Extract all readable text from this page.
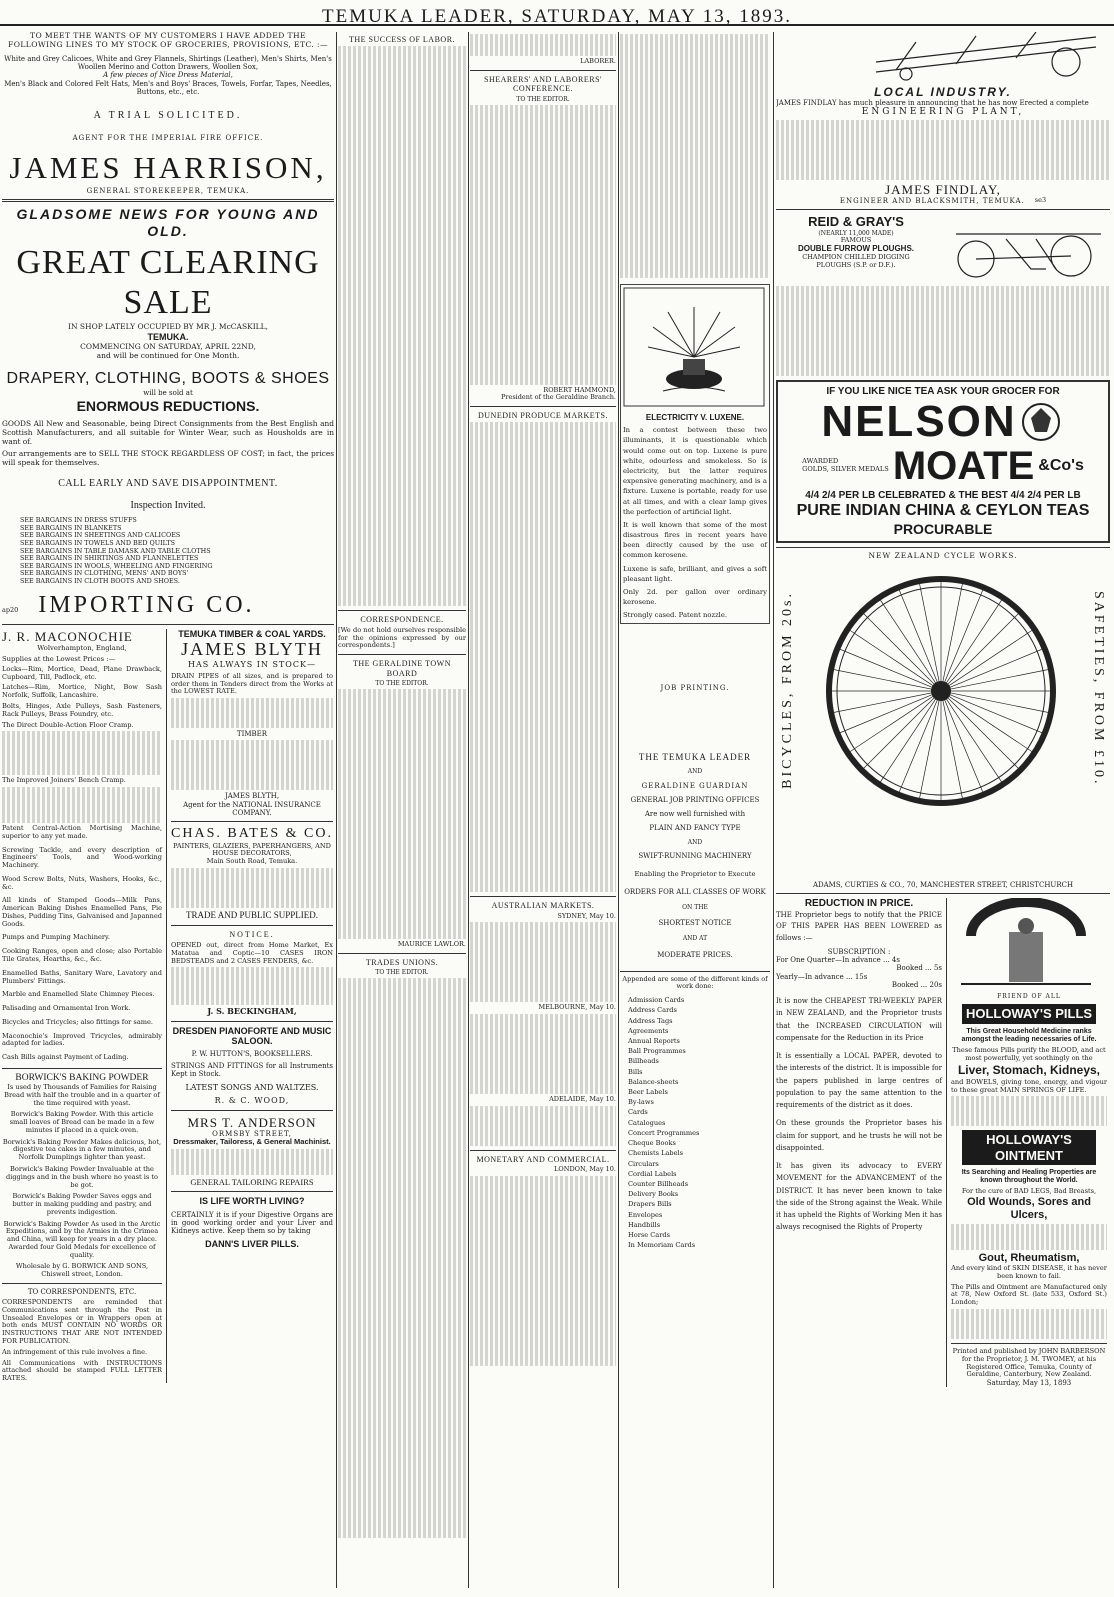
TEMUKA LEADER, SATURDAY, MAY 13, 1893.

TO MEET THE WANTS OF MY CUSTOMERS I HAVE ADDED THE FOLLOWING LINES TO MY STOCK OF GROCERIES, PROVISIONS, ETC. :—

White and Grey Calicoes, White and Grey Flannels, Shirtings (Leather), Men's Shirts, Men's Woollen Merino and Cotton Drawers, Woollen Sox,

A few pieces of Nice Dress Material,

Men's Black and Colored Felt Hats, Men's and Boys' Braces, Towels, Forfar, Tapes, Needles, Buttons, etc., etc.

A TRIAL SOLICITED.

AGENT FOR THE IMPERIAL FIRE OFFICE.

JAMES HARRISON,

GENERAL STOREKEEPER, TEMUKA.

GLADSOME NEWS FOR YOUNG AND OLD.

GREAT CLEARING SALE

IN SHOP LATELY OCCUPIED BY MR J. McCASKILL,

TEMUKA.

COMMENCING ON SATURDAY, APRIL 22ND,

and will be continued for One Month.

DRAPERY, CLOTHING, BOOTS & SHOES

will be sold at

ENORMOUS REDUCTIONS.

GOODS All New and Seasonable, being Direct Consignments from the Best English and Scottish Manufacturers, and all suitable for Winter Wear, such as Housholds are in want of.

Our arrangements are to SELL THE STOCK REGARDLESS OF COST; in fact, the prices will speak for themselves.

CALL EARLY AND SAVE DISAPPOINTMENT.

Inspection Invited.

SEE BARGAINS IN DRESS STUFFS
SEE BARGAINS IN BLANKETS
SEE BARGAINS IN SHEETINGS AND CALICOES
SEE BARGAINS IN TOWELS AND BED QUILTS
SEE BARGAINS IN TABLE DAMASK AND TABLE CLOTHS
SEE BARGAINS IN SHIRTINGS AND FLANNELETTES
SEE BARGAINS IN WOOLS, WHEELING AND FINGERING
SEE BARGAINS IN CLOTHING, MENS' AND BOYS'
SEE BARGAINS IN CLOTH BOOTS AND SHOES.
ap20 IMPORTING CO.

J. R. MACONOCHIE

Wolverhampton, England,

Supplies at the Lowest Prices :—

Locks—Rim, Mortice, Dead, Plane Drawback, Cupboard, Till, Padlock, etc.

Latches—Rim, Mortice, Night, Bow Sash Norfolk, Suffolk, Lancashire.

Bolts, Hinges, Axle Pulleys, Sash Fasteners, Rack Pulleys, Brass Foundry, etc.

The Direct Double-Action Floor Cramp.

The Improved Joiners' Bench Cramp.

Patent Central-Action Mortising Machine, superior to any yet made.

Screwing Tackle, and every description of Engineers' Tools, and Wood-working Machinery.

Wood Screw Bolts, Nuts, Washers, Hooks, &c., &c.

All kinds of Stamped Goods—Milk Pans, American Baking Dishes Enamelled Pans, Pie Dishes, Pudding Tins, Galvanised and Japanned Goods.

Pumps and Pumping Machinery.

Cooking Ranges, open and close; also Portable Tile Grates, Hearths, &c., &c.

Enamelled Baths, Sanitary Ware, Lavatory and Plumbers' Fittings.

Marble and Enamelled Slate Chimney Pieces.

Palisading and Ornamental Iron Work.

Bicycles and Tricycles; also fittings for same.

Maconochie's Improved Tricycles, admirably adapted for ladies.

Cash Bills against Payment of Lading.

BORWICK'S BAKING POWDER

Is used by Thousands of Families for Raising Bread with half the trouble and in a quarter of the time required with yeast.

Borwick's Baking Powder. With this article small loaves of Bread can be made in a few minutes if placed in a quick oven.

Borwick's Baking Powder Makes delicious, hot, digestive tea cakes in a few minutes, and Norfolk Dumplings lighter than yeast.

Borwick's Baking Powder Invaluable at the diggings and in the bush where no yeast is to be got.

Borwick's Baking Powder Saves eggs and butter in making pudding and pastry, and prevents indigestion.

Borwick's Baking Powder As used in the Arctic Expeditions, and by the Armies in the Crimea and China, will keep for years in a dry place. Awarded four Gold Medals for excellence of quality.

Wholesale by G. BORWICK AND SONS, Chiswell street, London.

TO CORRESPONDENTS, ETC.

CORRESPONDENTS are reminded that Communications sent through the Post in Unsealed Envelopes or in Wrappers open at both ends MUST CONTAIN NO WORDS OR INSTRUCTIONS THAT ARE NOT INTENDED FOR PUBLICATION.

An infringement of this rule involves a fine.

All Communications with INSTRUCTIONS attached should be stamped FULL LETTER RATES.

TEMUKA TIMBER & COAL YARDS.

JAMES BLYTH

HAS ALWAYS IN STOCK—

DRAIN PIPES of all sizes, and is prepared to order them in Tenders direct from the Works at the LOWEST RATE.

TIMBER

JAMES BLYTH,

Agent for the NATIONAL INSURANCE COMPANY.

CHAS. BATES & CO.

PAINTERS, GLAZIERS, PAPERHANGERS, AND HOUSE DECORATORS,

Main South Road, Temuka.

TRADE AND PUBLIC SUPPLIED.

NOTICE.

OPENED out, direct from Home Market, Ex Matatua and Coptic—10 CASES IRON BEDSTEADS and 2 CASES FENDERS, &c.

J. S. BECKINGHAM,

DRESDEN PIANOFORTE AND MUSIC SALOON.

P. W. HUTTON'S, BOOKSELLERS.

STRINGS AND FITTINGS for all Instruments Kept in Stock.

LATEST SONGS AND WALTZES.

R. & C. WOOD,

MRS T. ANDERSON

ORMSBY STREET,

Dressmaker, Tailoress, & General Machinist.

GENERAL TAILORING REPAIRS

IS LIFE WORTH LIVING?

CERTAINLY it is if your Digestive Organs are in good working order and your Liver and Kidneys active. Keep them so by taking

DANN'S LIVER PILLS.

THE SUCCESS OF LABOR.
CORRESPONDENCE.

[We do not hold ourselves responsible for the opinions expressed by our correspondents.]

THE GERALDINE TOWN BOARD

TO THE EDITOR.

MAURICE LAWLOR.

TRADES UNIONS.

TO THE EDITOR.

LABORER.

SHEARERS' AND LABORERS' CONFERENCE.

TO THE EDITOR.

ROBERT HAMMOND,

President of the Geraldine Branch.

DUNEDIN PRODUCE MARKETS.
AUSTRALIAN MARKETS.

SYDNEY, May 10.

MELBOURNE, May 10.

ADELAIDE, May 10.

MONETARY AND COMMERCIAL.

LONDON, May 10.

ELECTRICITY V. LUXENE.

In a contest between these two illuminants, it is questionable which would come out on top. Luxene is pure white, odourless and smokeless. So is electricity, but the latter requires expensive generating machinery, and is a fixture. Luxene is portable, ready for use at all times, and with a clear lamp gives the perfection of artificial light.

It is well known that some of the most disastrous fires in recent years have been directly caused by the use of common kerosene.

Luxene is safe, brilliant, and gives a soft pleasant light.

Only 2d. per gallon over ordinary kerosene.

Strongly cased. Patent nozzle.

JOB PRINTING.

THE TEMUKA LEADER

AND

GERALDINE GUARDIAN

GENERAL JOB PRINTING OFFICES

Are now well furnished with

PLAIN AND FANCY TYPE

AND

SWIFT-RUNNING MACHINERY

Enabling the Proprietor to Execute

ORDERS FOR ALL CLASSES OF WORK

ON THE

SHORTEST NOTICE

AND AT

MODERATE PRICES.

Appended are some of the different kinds of work done:

Admission Cards
Address Cards
Address Tags
Agreements
Annual Reports
Ball Programmes
Billheads
Bills
Balance-sheets
Beer Labels
By-laws
Cards
Catalogues
Concert Programmes
Cheque Books
Chemists Labels
Circulars
Cordial Labels
Counter Billheads
Delivery Books
Drapers Bills
Envelopes
Handbills
Horse Cards
In Memoriam Cards

LOCAL INDUSTRY.

JAMES FINDLAY has much pleasure in announcing that he has now Erected a complete

ENGINEERING PLANT,

JAMES FINDLAY,

ENGINEER AND BLACKSMITH, TEMUKA. se3

REID & GRAY'S

(NEARLY 11,000 MADE)

FAMOUS

DOUBLE FURROW PLOUGHS.

CHAMPION CHILLED DIGGING

PLOUGHS (S.P. or D.F.).

IF YOU LIKE NICE TEA ASK YOUR GROCER FOR

NELSON

AWARDED
GOLDS, SILVER MEDALS MOATE &Co's

4/4 2/4 PER LB CELEBRATED & THE BEST 4/4 2/4 PER LB

PURE INDIAN CHINA & CEYLON TEAS

PROCURABLE

NEW ZEALAND CYCLE WORKS.

BICYCLES, FROM 20s.	SAFETIES, FROM £10.

ADAMS, CURTIES & CO., 70, MANCHESTER STREET, CHRISTCHURCH

REDUCTION IN PRICE.

THE Proprietor begs to notify that the PRICE OF THIS PAPER HAS BEEN LOWERED as follows :—

SUBSCRIPTION :

For One Quarter—In advance ... 4s

Booked ... 5s

Yearly—In advance ... 15s

Booked ... 20s

It is now the CHEAPEST TRI-WEEKLY PAPER in NEW ZEALAND, and the Proprietor trusts that the INCREASED CIRCULATION will compensate for the Reduction in its Price

It is essentially a LOCAL PAPER, devoted to the interests of the district. It is impossible for the papers published in large centres of population to pay the same attention to the requirements of the district as it does.

On these grounds the Proprietor bases his claim for support, and he trusts he will not be disappointed.

It has given its advocacy to EVERY MOVEMENT for the ADVANCEMENT of the DISTRICT. It has never been known to take the side of the Strong against the Weak. While it has upheld the Rights of Working Men it has always recognised the Rights of Property

FRIEND OF ALL

HOLLOWAY'S PILLS

This Great Household Medicine ranks amongst the leading necessaries of Life.

These famous Pills purify the BLOOD, and act most powerfully, yet soothingly on the

Liver, Stomach, Kidneys,

and BOWELS, giving tone, energy, and vigour to these great MAIN SPRINGS OF LIFE.

HOLLOWAY'S OINTMENT

Its Searching and Healing Properties are known throughout the World.

For the cure of BAD LEGS, Bad Breasts,

Old Wounds, Sores and Ulcers,

Gout, Rheumatism,

And every kind of SKIN DISEASE, it has never been known to fail.

The Pills and Ointment are Manufactured only at 78, New Oxford St. (late 533, Oxford St.) London;

Printed and published by JOHN BARBERSON for the Proprietor, J. M. TWOMEY, at his Registered Office, Temuka, County of Geraldine, Canterbury, New Zealand.

Saturday, May 13, 1893
